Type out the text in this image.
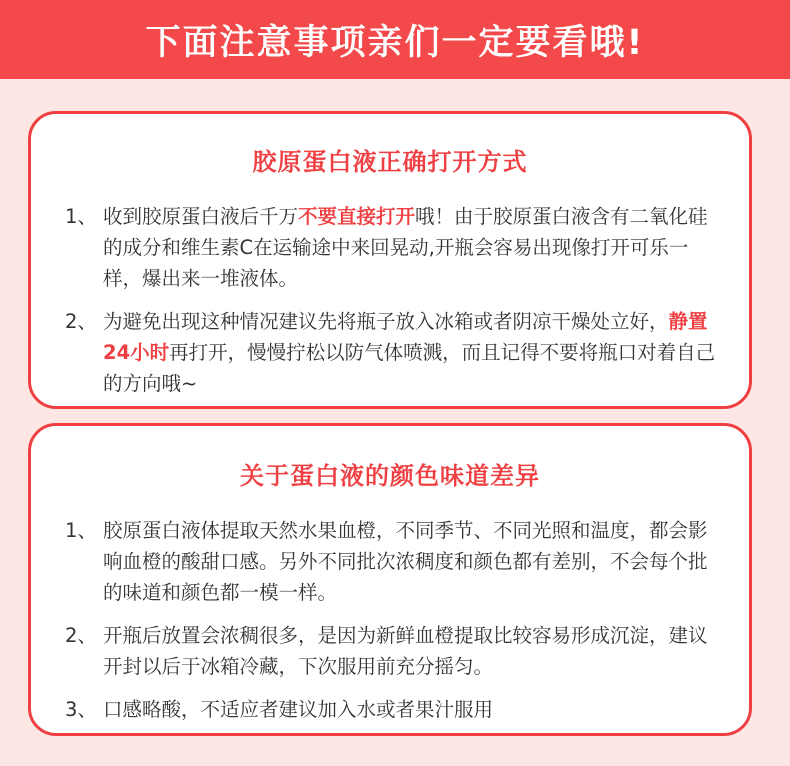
下面注意事项亲们一定要看哦!
胶原蛋白液正确打开方式
1、 收到胶原蛋白液后千万不要直接打开哦！由于胶原蛋白液含有二氧化硅的成分和维生素C在运输途中来回晃动,开瓶会容易出现像打开可乐一样，爆出来一堆液体。
2、 为避免出现这种情况建议先将瓶子放入冰箱或者阴凉干燥处立好，静置24小时再打开，慢慢拧松以防气体喷溅，而且记得不要将瓶口对着自己的方向哦~
关于蛋白液的颜色味道差异
1、 胶原蛋白液体提取天然水果血橙，不同季节、不同光照和温度，都会影响血橙的酸甜口感。另外不同批次浓稠度和颜色都有差别，不会每个批的味道和颜色都一模一样。
2、 开瓶后放置会浓稠很多，是因为新鲜血橙提取比较容易形成沉淀，建议开封以后于冰箱冷藏，下次服用前充分摇匀。
3、 口感略酸，不适应者建议加入水或者果汁服用
